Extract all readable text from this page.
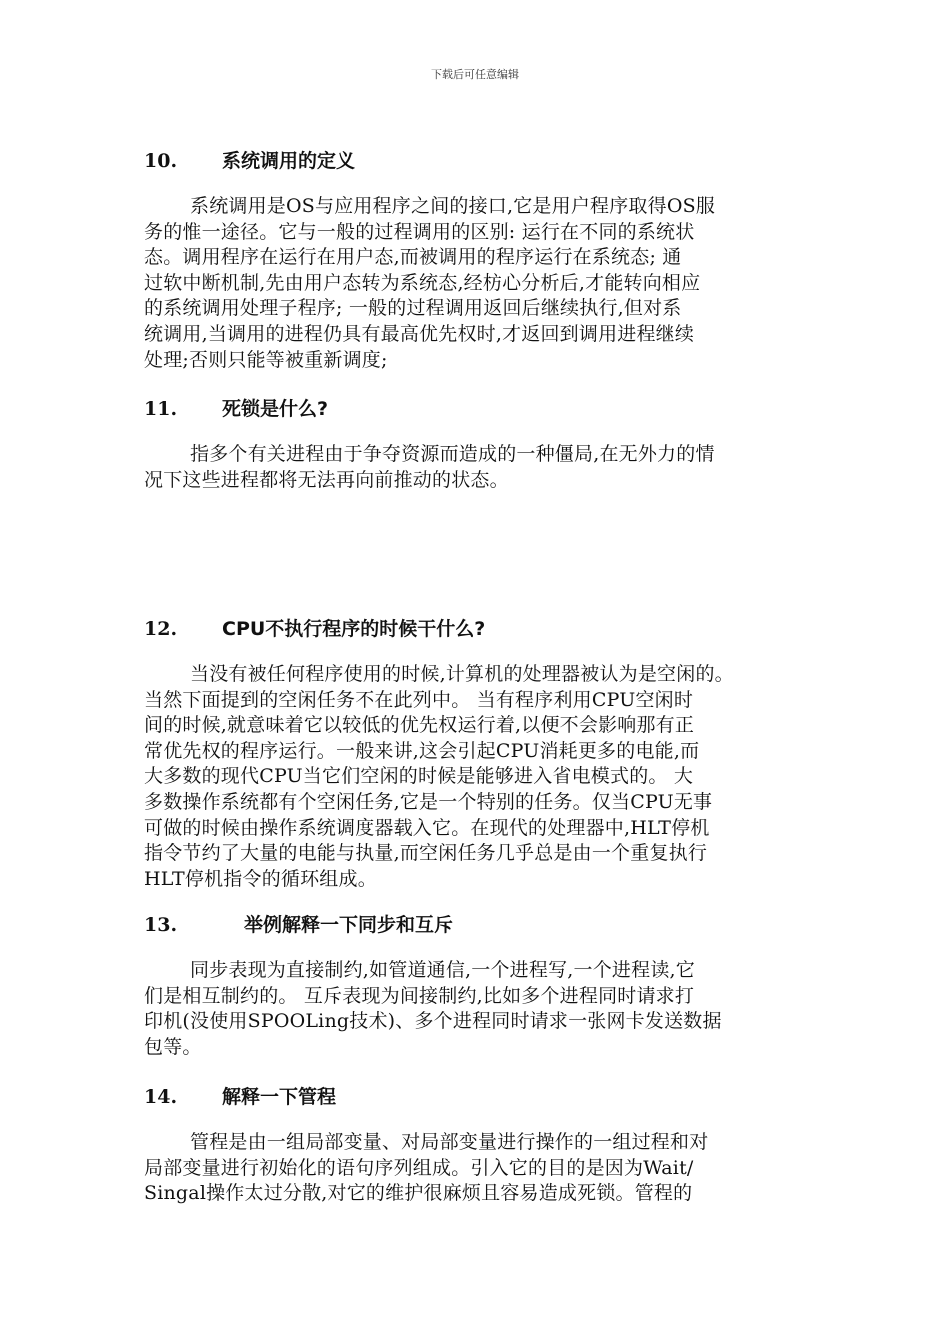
下载后可任意编辑
10. 系统调用的定义
系统调用是OS与应用程序之间的接口,它是用户程序取得OS服
务的惟一途径。它与一般的过程调用的区别: 运行在不同的系统状
态。调用程序在运行在用户态,而被调用的程序运行在系统态; 通
过软中断机制,先由用户态转为系统态,经枋心分析后,才能转向相应
的系统调用处理子程序; 一般的过程调用返回后继续执行,但对系
统调用,当调用的进程仍具有最高优先权时,才返回到调用进程继续
处理;否则只能等被重新调度;
11. 死锁是什么?
指多个有关进程由于争夺资源而造成的一种僵局,在无外力的情
况下这些进程都将无法再向前推动的状态。
12. CPU不执行程序的时候干什么?
当没有被任何程序使用的时候,计算机的处理器被认为是空闲的。
当然下面提到的空闲任务不在此列中。 当有程序利用CPU空闲时
间的时候,就意味着它以较低的优先权运行着,以便不会影响那有正
常优先权的程序运行。一般来讲,这会引起CPU消耗更多的电能,而
大多数的现代CPU当它们空闲的时候是能够进入省电模式的。 大
多数操作系统都有个空闲任务,它是一个特别的任务。仅当CPU无事
可做的时候由操作系统调度器载入它。在现代的处理器中,HLT停机
指令节约了大量的电能与执量,而空闲任务几乎总是由一个重复执行
HLT停机指令的循环组成。
13.	举例解释一下同步和互斥
同步表现为直接制约,如管道通信,一个进程写,一个进程读,它
们是相互制约的。 互斥表现为间接制约,比如多个进程同时请求打
印机(没使用SPOOLing技术)、多个进程同时请求一张网卡发送数据
包等。
14. 解释一下管程
管程是由一组局部变量、对局部变量进行操作的一组过程和对
局部变量进行初始化的语句序列组成。引入它的目的是因为Wait/
Singal操作太过分散,对它的维护很麻烦且容易造成死锁。管程的
